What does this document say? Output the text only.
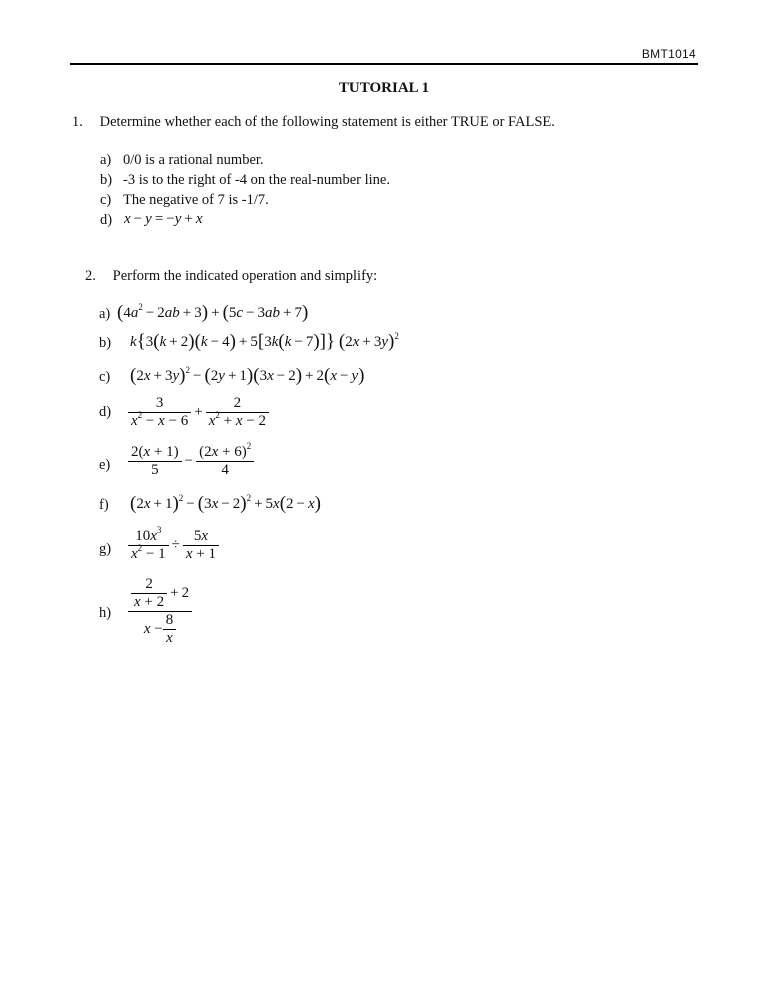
BMT1014
TUTORIAL 1
1. Determine whether each of the following statement is either TRUE or FALSE.
a) 0/0 is a rational number.
b) -3 is to the right of -4 on the real-number line.
c) The negative of 7 is -1/7.
d) x − y = −y + x
2. Perform the indicated operation and simplify:
a) $(4a^2 - 2ab + 3) + (5c - 3ab + 7)$
b) k{3(k + 2)(k − 4) + 5[3k(k − 7)]} $(2x + 3y)^2$
c) $(2x + 3y)^2 - (2y + 1)(3x - 2) + 2(x - y)$
$d) \frac{3}{x^2 - x - 6} + \frac{2}{x^2 + x - 2}$
$e) \frac{2(x + 1)}{5} - \frac{(2x + 6)^2}{4}$
f) $(2x + 1)^2 - (3x - 2)^2 + 5x(2 - x)$
$g) \frac{10x^3}{x^2 - 1} \div \frac{5x}{x + 1}$
$h) \frac{\frac{2}{x + 2} + 2}{x - \frac{8}{x}}$
